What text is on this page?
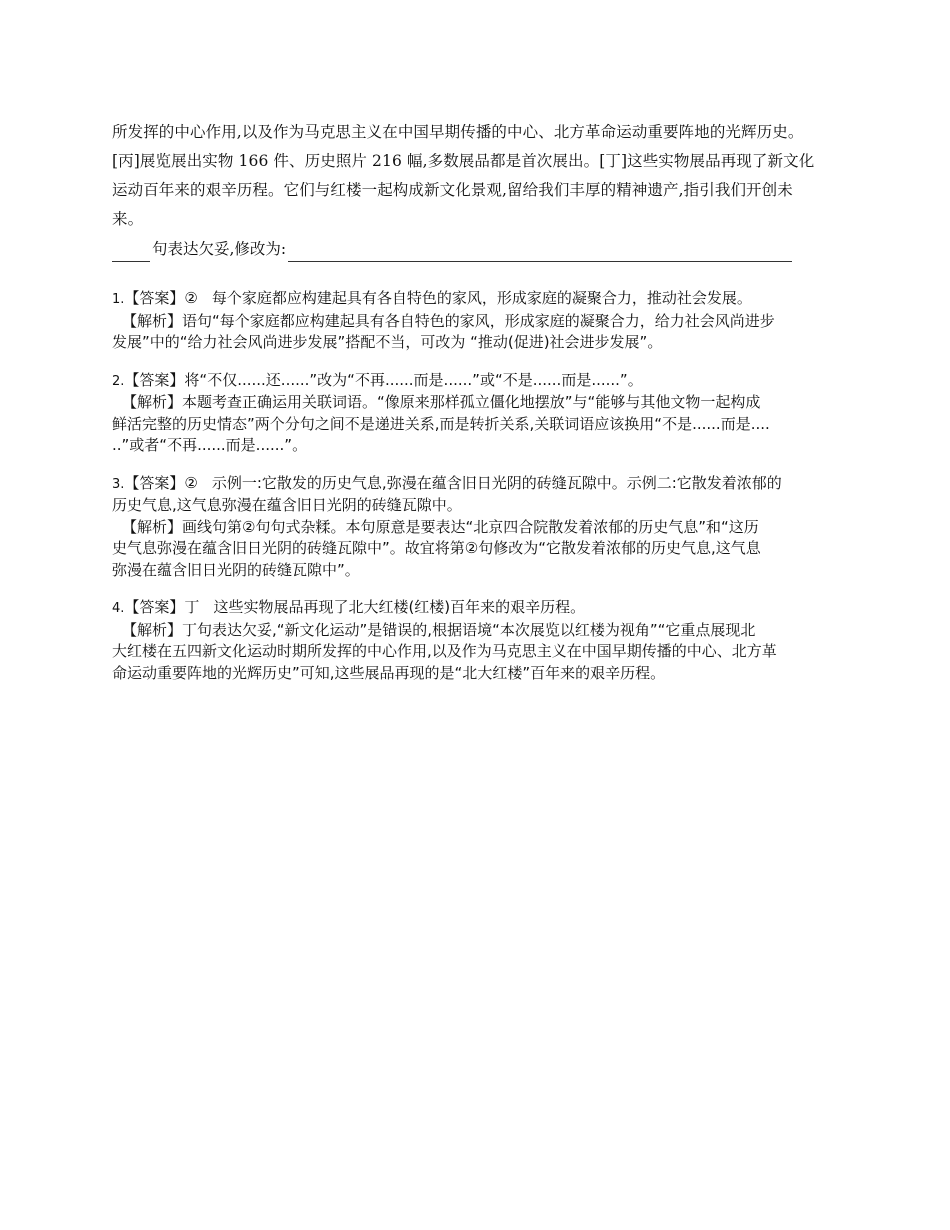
所发挥的中心作用,以及作为马克思主义在中国早期传播的中心、北方革命运动重要阵地的光辉历史。

[丙]展览展出实物 166 件、历史照片 216 幅,多数展品都是首次展出。[丁]这些实物展品再现了新文化

运动百年来的艰辛历程。它们与红楼一起构成新文化景观,留给我们丰厚的精神遗产,指引我们开创未

来。

句表达欠妥,修改为:

1.【答案】② 每个家庭都应构建起具有各自特色的家风，形成家庭的凝聚合力，推动社会发展。

【解析】语句“每个家庭都应构建起具有各自特色的家风，形成家庭的凝聚合力，给力社会风尚进步

发展”中的“给力社会风尚进步发展”搭配不当，可改为 “推动(促进)社会进步发展”。

2.【答案】将“不仅......还......”改为“不再......而是......”或“不是......而是......”。

【解析】本题考查正确运用关联词语。“像原来那样孤立僵化地摆放”与“能够与其他文物一起构成

鲜活完整的历史情态”两个分句之间不是递进关系,而是转折关系,关联词语应该换用“不是......而是....

..”或者“不再......而是......”。

3.【答案】② 示例一:它散发的历史气息,弥漫在蕴含旧日光阴的砖缝瓦隙中。示例二:它散发着浓郁的

历史气息,这气息弥漫在蕴含旧日光阴的砖缝瓦隙中。

【解析】画线句第②句句式杂糅。本句原意是要表达“北京四合院散发着浓郁的历史气息”和“这历

史气息弥漫在蕴含旧日光阴的砖缝瓦隙中”。故宜将第②句修改为“它散发着浓郁的历史气息,这气息

弥漫在蕴含旧日光阴的砖缝瓦隙中”。

4.【答案】丁 这些实物展品再现了北大红楼(红楼)百年来的艰辛历程。

【解析】丁句表达欠妥,“新文化运动”是错误的,根据语境“本次展览以红楼为视角”“它重点展现北

大红楼在五四新文化运动时期所发挥的中心作用,以及作为马克思主义在中国早期传播的中心、北方革

命运动重要阵地的光辉历史”可知,这些展品再现的是“北大红楼”百年来的艰辛历程。
